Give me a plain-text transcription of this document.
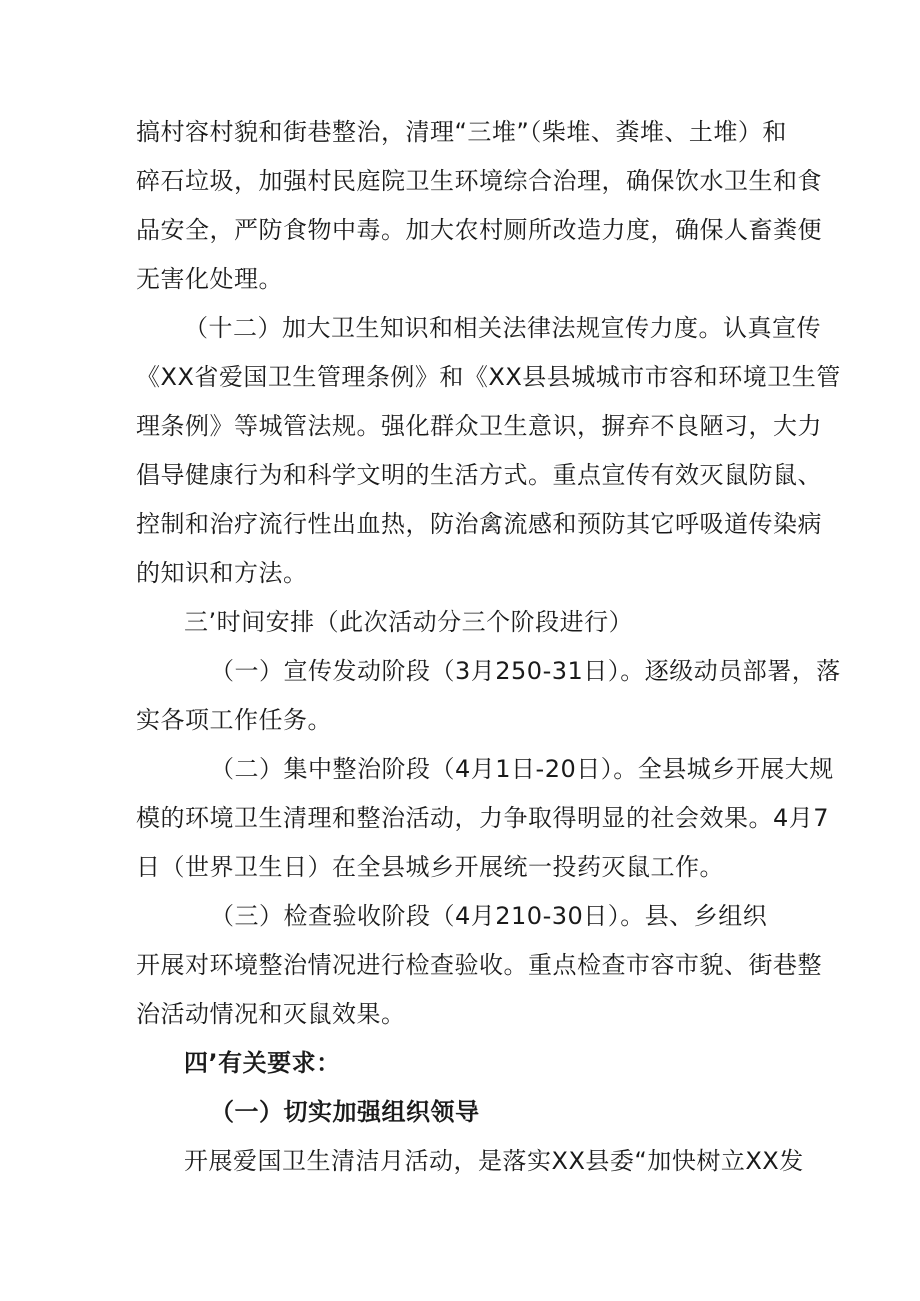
搞村容村貌和街巷整治，清理“三堆”（柴堆、粪堆、土堆）和
碎石垃圾，加强村民庭院卫生环境综合治理，确保饮水卫生和食
品安全，严防食物中毒。加大农村厕所改造力度，确保人畜粪便
无害化处理。
（十二）加大卫生知识和相关法律法规宣传力度。认真宣传
《XX省爱国卫生管理条例》和《XX县县城城市市容和环境卫生管
理条例》等城管法规。强化群众卫生意识，摒弃不良陋习，大力
倡导健康行为和科学文明的生活方式。重点宣传有效灭鼠防鼠、
控制和治疗流行性出血热，防治禽流感和预防其它呼吸道传染病
的知识和方法。
三’时间安排（此次活动分三个阶段进行）
（一）宣传发动阶段（3月250-31日）。逐级动员部署，落
实各项工作任务。
（二）集中整治阶段（4月1日-20日）。全县城乡开展大规
模的环境卫生清理和整治活动，力争取得明显的社会效果。4月7
日（世界卫生日）在全县城乡开展统一投药灭鼠工作。
（三）检查验收阶段（4月210-30日）。县、乡组织
开展对环境整治情况进行检查验收。重点检查市容市貌、街巷整
治活动情况和灭鼠效果。
四’有关要求：
（一）切实加强组织领导
开展爱国卫生清洁月活动，是落实XX县委“加快树立XX发
